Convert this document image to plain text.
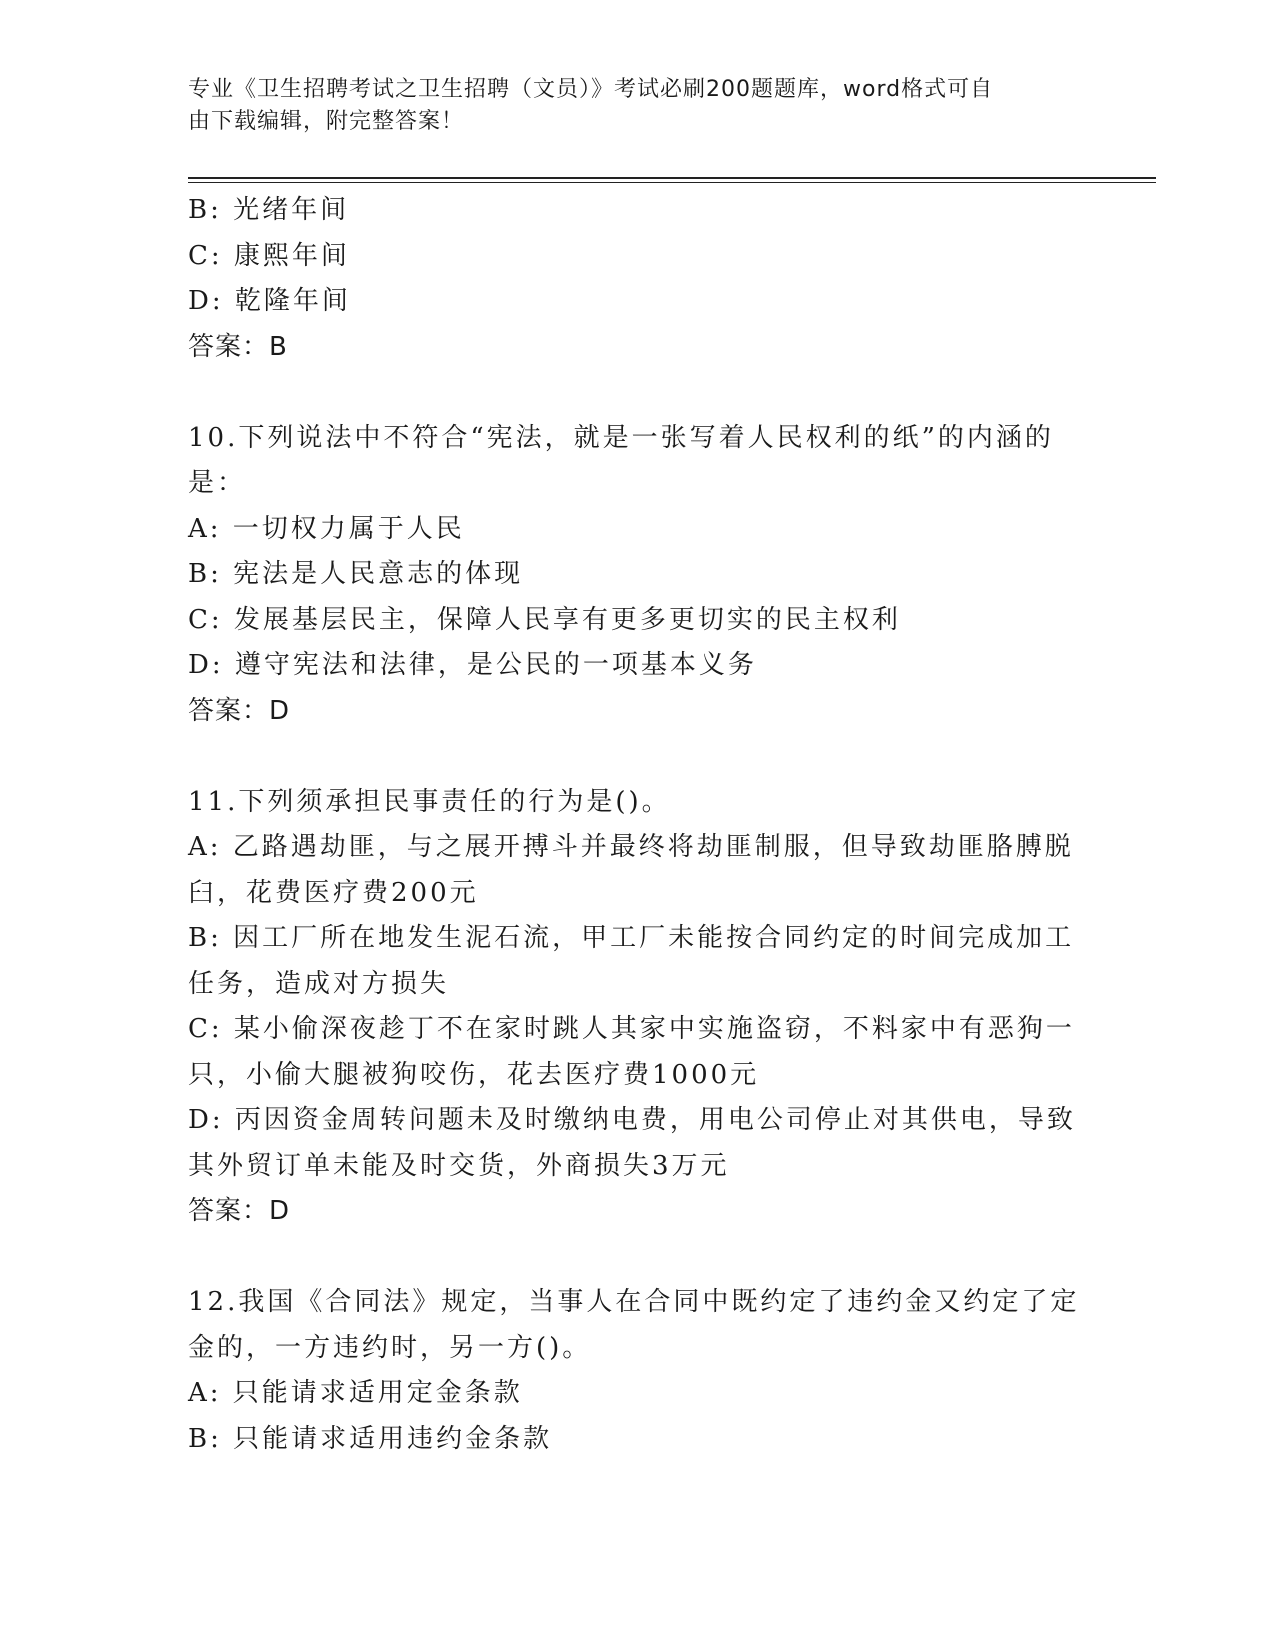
专业《卫生招聘考试之卫生招聘（文员）》考试必刷200题题库，word格式可自
由下载编辑，附完整答案！
B: 光绪年间
C: 康熙年间
D: 乾隆年间
答案：B
10.下列说法中不符合“宪法，就是一张写着人民权利的纸”的内涵的
是：
A: 一切权力属于人民
B: 宪法是人民意志的体现
C: 发展基层民主，保障人民享有更多更切实的民主权利
D: 遵守宪法和法律，是公民的一项基本义务
答案：D
11.下列须承担民事责任的行为是()。
A: 乙路遇劫匪，与之展开搏斗并最终将劫匪制服，但导致劫匪胳膊脱
臼，花费医疗费200元
B: 因工厂所在地发生泥石流，甲工厂未能按合同约定的时间完成加工
任务，造成对方损失
C: 某小偷深夜趁丁不在家时跳人其家中实施盗窃，不料家中有恶狗一
只，小偷大腿被狗咬伤，花去医疗费1000元
D: 丙因资金周转问题未及时缴纳电费，用电公司停止对其供电，导致
其外贸订单未能及时交货，外商损失3万元
答案：D
12.我国《合同法》规定，当事人在合同中既约定了违约金又约定了定
金的，一方违约时，另一方()。
A: 只能请求适用定金条款
B: 只能请求适用违约金条款
